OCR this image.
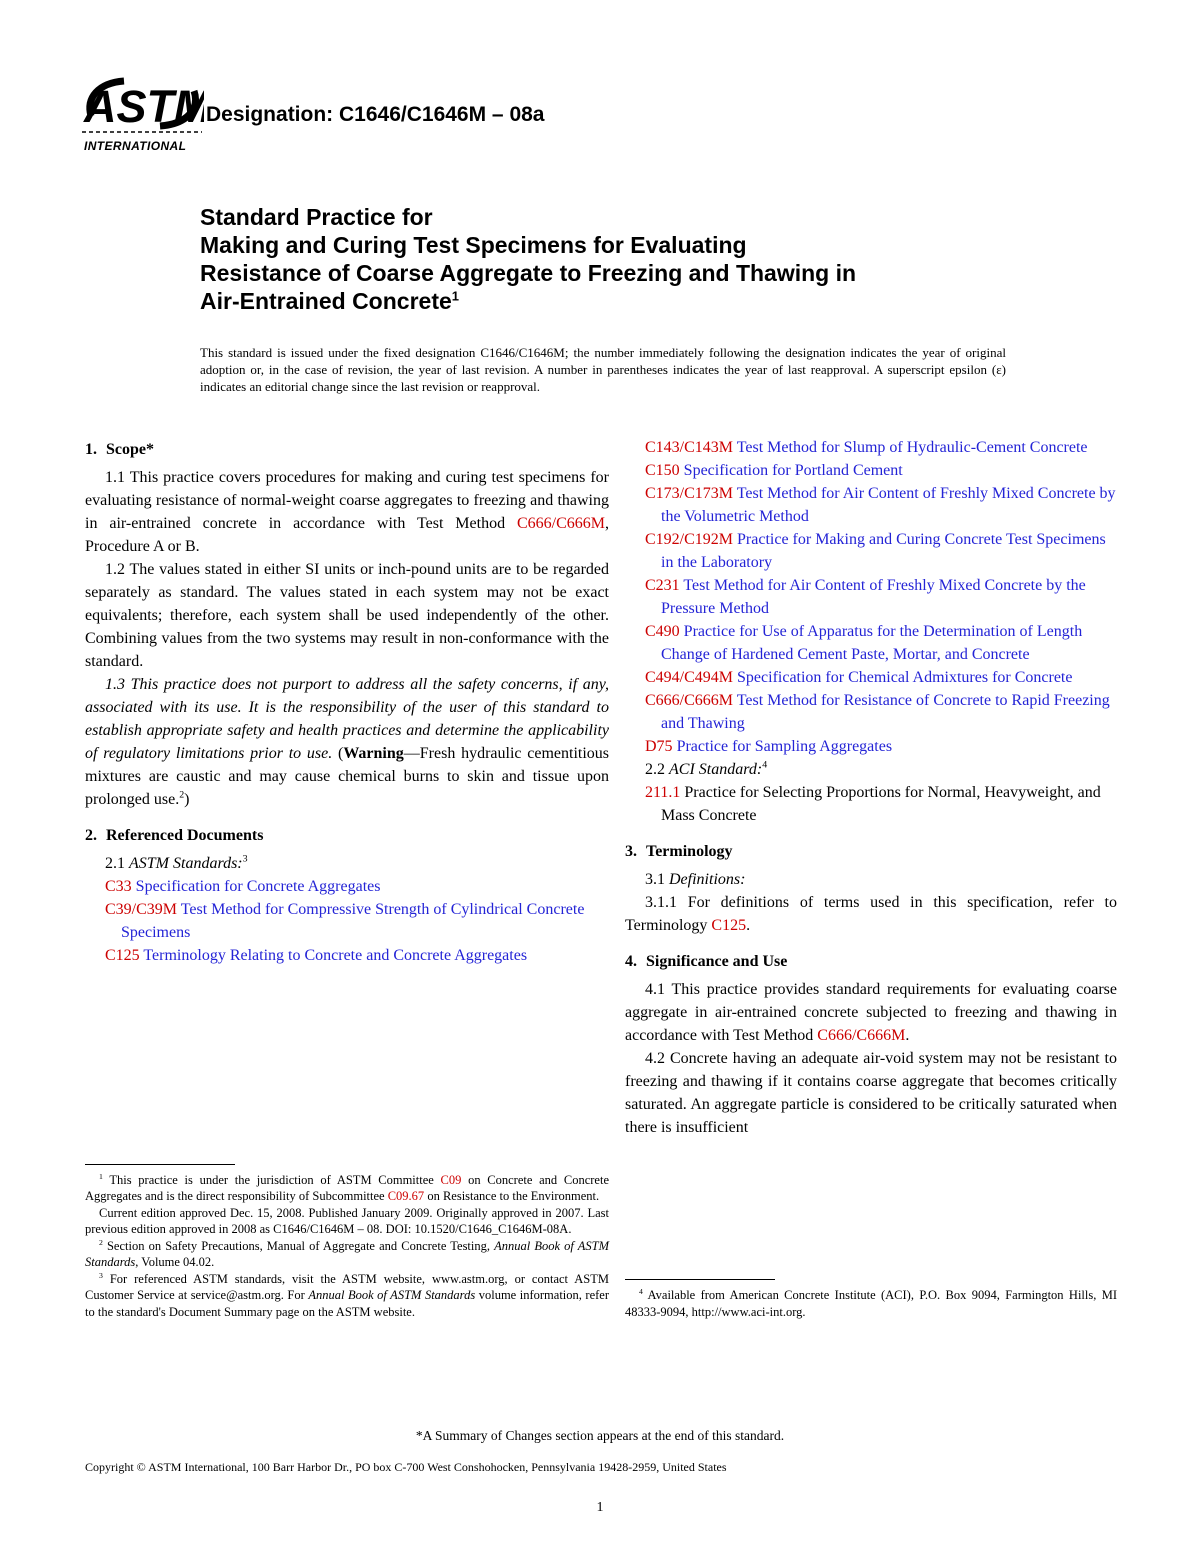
ASTM
INTERNATIONAL
Designation: C1646/C1646M – 08a
Standard Practice for
Making and Curing Test Specimens for Evaluating
Resistance of Coarse Aggregate to Freezing and Thawing in
Air-Entrained Concrete$^1$
This standard is issued under the fixed designation C1646/C1646M; the number immediately following the designation indicates the year of original adoption or, in the case of revision, the year of last revision. A number in parentheses indicates the year of last reapproval. A superscript epsilon (ε) indicates an editorial change since the last revision or reapproval.
1. Scope*

1.1 This practice covers procedures for making and curing test specimens for evaluating resistance of normal-weight coarse aggregates to freezing and thawing in air-entrained concrete in accordance with Test Method C666/C666M, Procedure A or B.

1.2 The values stated in either SI units or inch-pound units are to be regarded separately as standard. The values stated in each system may not be exact equivalents; therefore, each system shall be used independently of the other. Combining values from the two systems may result in non-conformance with the standard.

1.3 This practice does not purport to address all the safety concerns, if any, associated with its use. It is the responsibility of the user of this standard to establish appropriate safety and health practices and determine the applicability of regulatory limitations prior to use. (Warning—Fresh hydraulic cementitious mixtures are caustic and may cause chemical burns to skin and tissue upon prolonged use.$^2$)

2. Referenced Documents

2.1 ASTM Standards:$^3$

C33 Specification for Concrete Aggregates

C39/C39M Test Method for Compressive Strength of Cylindrical Concrete Specimens

C125 Terminology Relating to Concrete and Concrete Aggregates

$^1$ This practice is under the jurisdiction of ASTM Committee C09 on Concrete and Concrete Aggregates and is the direct responsibility of Subcommittee C09.67 on Resistance to the Environment.

Current edition approved Dec. 15, 2008. Published January 2009. Originally approved in 2007. Last previous edition approved in 2008 as C1646/C1646M – 08. DOI: 10.1520/C1646_C1646M-08A.

$^2$ Section on Safety Precautions, Manual of Aggregate and Concrete Testing, Annual Book of ASTM Standards, Volume 04.02.

$^3$ For referenced ASTM standards, visit the ASTM website, www.astm.org, or contact ASTM Customer Service at service@astm.org. For Annual Book of ASTM Standards volume information, refer to the standard's Document Summary page on the ASTM website.

C143/C143M Test Method for Slump of Hydraulic-Cement Concrete

C150 Specification for Portland Cement

C173/C173M Test Method for Air Content of Freshly Mixed Concrete by the Volumetric Method

C192/C192M Practice for Making and Curing Concrete Test Specimens in the Laboratory

C231 Test Method for Air Content of Freshly Mixed Concrete by the Pressure Method

C490 Practice for Use of Apparatus for the Determination of Length Change of Hardened Cement Paste, Mortar, and Concrete

C494/C494M Specification for Chemical Admixtures for Concrete

C666/C666M Test Method for Resistance of Concrete to Rapid Freezing and Thawing

D75 Practice for Sampling Aggregates

2.2 ACI Standard:$^4$

211.1 Practice for Selecting Proportions for Normal, Heavyweight, and Mass Concrete

3. Terminology

3.1 Definitions:

3.1.1 For definitions of terms used in this specification, refer to Terminology C125.

4. Significance and Use

4.1 This practice provides standard requirements for evaluating coarse aggregate in air-entrained concrete subjected to freezing and thawing in accordance with Test Method C666/C666M.

4.2 Concrete having an adequate air-void system may not be resistant to freezing and thawing if it contains coarse aggregate that becomes critically saturated. An aggregate particle is considered to be critically saturated when there is insufficient

$^4$ Available from American Concrete Institute (ACI), P.O. Box 9094, Farmington Hills, MI 48333-9094, http://www.aci-int.org.

*A Summary of Changes section appears at the end of this standard.
Copyright © ASTM International, 100 Barr Harbor Dr., PO box C-700 West Conshohocken, Pennsylvania 19428-2959, United States
1
